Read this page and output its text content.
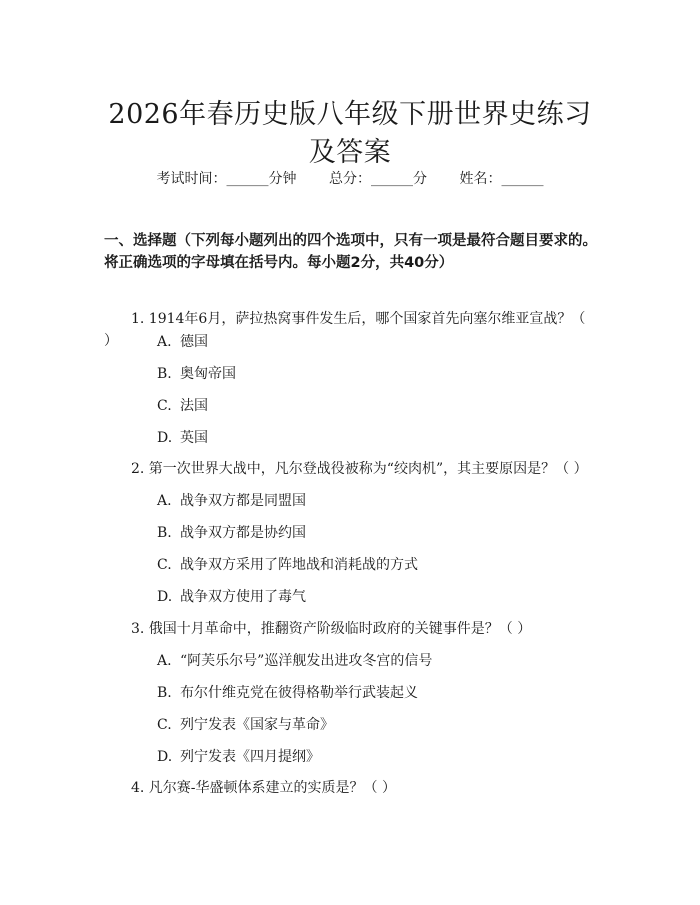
2026年春历史版八年级下册世界史练习及答案
考试时间：______分钟 总分：______分 姓名：______
一、选择题（下列每小题列出的四个选项中，只有一项是最符合题目要求的。将正确选项的字母填在括号内。每小题2分，共40分）
1. 1914年6月，萨拉热窝事件发生后，哪个国家首先向塞尔维亚宣战？（ ）	A. 德国
B. 奥匈帝国
C. 法国
D. 英国
2. 第一次世界大战中，凡尔登战役被称为“绞肉机”，其主要原因是？（ ）
A. 战争双方都是同盟国
B. 战争双方都是协约国
C. 战争双方采用了阵地战和消耗战的方式
D. 战争双方使用了毒气
3. 俄国十月革命中，推翻资产阶级临时政府的关键事件是？（ ）
A. “阿芙乐尔号”巡洋舰发出进攻冬宫的信号
B. 布尔什维克党在彼得格勒举行武装起义
C. 列宁发表《国家与革命》
D. 列宁发表《四月提纲》
4. 凡尔赛-华盛顿体系建立的实质是？（ ）
